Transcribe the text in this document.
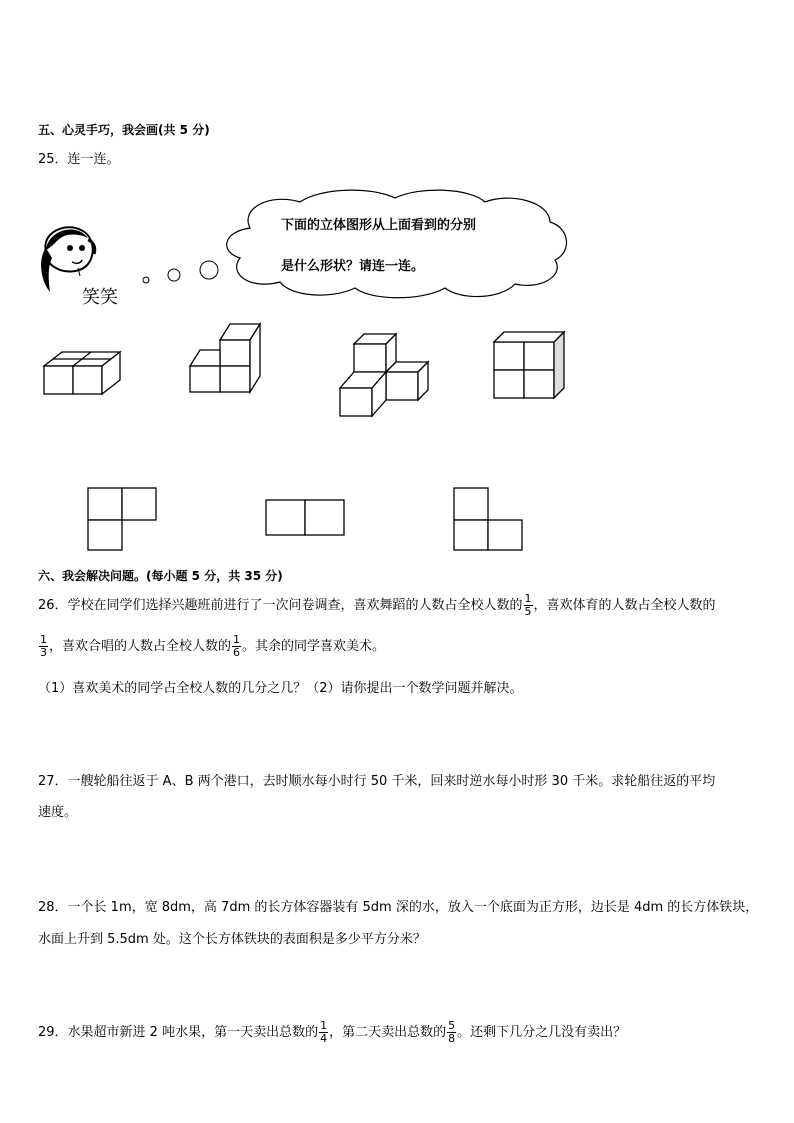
五、心灵手巧，我会画(共 5 分)
25．连一连。
笑笑
下面的立体图形从上面看到的分别
是什么形状？请连一连。
六、我会解决问题。(每小题 5 分，共 35 分)
26．学校在同学们选择兴趣班前进行了一次问卷调查，喜欢舞蹈的人数占全校人数的 $\frac{1}{5}$ ，喜欢体育的人数占全校人数的
$\frac{1}{3}$ ，喜欢合唱的人数占全校人数的 $\frac{1}{6}$ 。其余的同学喜欢美术。
（1）喜欢美术的同学占全校人数的几分之几？（2）请你提出一个数学问题并解决。
27．一艘轮船往返于 A、B 两个港口，去时顺水每小时行 50 千米，回来时逆水每小时形 30 千米。求轮船往返的平均
速度。
28．一个长 1m，宽 8dm，高 7dm 的长方体容器装有 5dm 深的水，放入一个底面为正方形，边长是 4dm 的长方体铁块，
水面上升到 5.5dm 处。这个长方体铁块的表面积是多少平方分米？
29．水果超市新进 2 吨水果，第一天卖出总数的 $\frac{1}{4}$ ，第二天卖出总数的 $\frac{5}{8}$ 。还剩下几分之几没有卖出？
